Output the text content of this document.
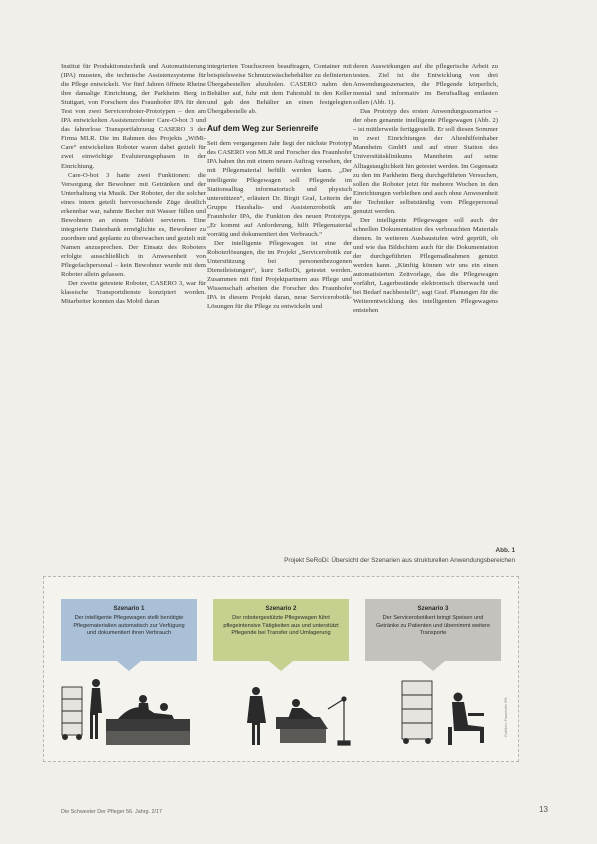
Institut für Produktionstechnik und Automatisierung (IPA) mussten, die technische Assistenzsysteme für die Pflege entwickelt. Vor fünf Jahren öffnete Rheine ihre damalige Einrichtung, der Parkheim Berg in Stuttgart, von Forschern des Fraunhofer IPA für den Test von zwei Serviceroboter-Prototypen – den am IPA entwickelten Assistenzroboter Care-O-bot 3 und das fahrerlose Transportfahrzeug CASERO 3 der Firma MLR. Die im Rahmen des Projekts „WiMi-Care“ entwickelten Roboter waren dabei gezielt für zwei einwöchige Evaluierungsphasen in der Einrichtung.

Care-O-bot 3 hatte zwei Funktionen: die Versorgung der Bewohner mit Getränken und der Unterhaltung via Musik. Der Roboter, der die solcher eines intern geteilt hervorsuchende Züge deutlich erkennbar war, nahmte Becher mit Wasser füllen und Bewohnern an einem Tablett servieren. Eine integrierte Datenbank ermöglichte es, Bewohner zu zuordnen und geplante zu überwachen und gezielt mit Namen anzusprechen. Der Einsatz des Roboters erfolgte ausschließlich in Anwesenheit von Pflegefachpersonal – kein Bewohner wurde mit dem Roboter allein gelassen.

Der zweite getestete Roboter, CASERO 3, war für klassische Transportdienste konzipiert worden. Mitarbeiter konnten das Mobil daran

integrierten Touchscreen beauftragen, Container mit beispielsweise Schmutzwäschebehälter zu definierten Übergabestellen abzuholen. CASERO nahm den Behälter auf, fuhr mit dem Fahrstuhl in den Keller und gab den Behälter an einen festgelegten Übergabestelle ab.

Auf dem Weg zur Serienreife

Seit dem vergangenen Jahr liegt der nächste Prototyp des CASERO von MLR und Forscher des Fraunhofer IPA haben ihn mit einem neuen Auftrag versehen, der mit Pflegematerial befüllt werden kann. „Der intelligente Pflegewagen soll Pflegende im Stationsalltag informatorisch und physisch unterstützen“, erläutert Dr. Birgit Graf, Leiterin der Gruppe Haushalts- und Assistenzrobotik am Fraunhofer IPA, die Funktion des neuen Prototyps. „Er kommt auf Anforderung, hilft Pflegematerial vorrätig und dokumentiert den Verbrauch.“

Der intelligente Pflegewagen ist eine der Roboterlösungen, die im Projekt „Servicerobotik zur Unterstützung bei personenbezogenen Dienstleistungen“, kurz SeRoDi, getestet werden. Zusammen mit fünf Projektpartnern aus Pflege und Wissenschaft arbeiten die Forscher des Fraunhofer IPA in diesem Projekt daran, neue Servicerobotik-Lösungen für die Pflege zu entwickeln und

deren Auswirkungen auf die pflegerische Arbeit zu testen. Ziel ist die Entwicklung von drei Anwendungsszenarien, die Pflegende körperlich, mental und informativ im Berufsalltag entlasten sollen (Abb. 1).

Das Prototyp des ersten Anwendungsszenarios – der oben genannte intelligente Pflegewagen (Abb. 2) – ist mittlerweile fertiggestellt. Er soll diesen Sommer in zwei Einrichtungen der Altenhilfeinhaber Mannheim GmbH und auf einer Station des Universitätsklinikums Mannheim auf seine Alltagstauglichkeit hin getestet werden. Im Gegensatz zu den im Parkheim Berg durchgeführten Versuchen, sollen die Roboter jetzt für mehrere Wochen in den Einrichtungen verbleiben und auch ohne Anwesenheit der Techniker selbstständig vom Pflegepersonal genutzt werden.

Der intelligente Pflegewagen soll auch der schnellen Dokumentation des verbrauchten Materials dienen. In weiteren Ausbaustufen wird geprüft, ob und wie das Bildschirm auch für die Dokumentation der durchgeführten Pflegemaßnahmen genutzt werden kann. „Künftig können wir uns ein einen automatisierten Zeitvorlage, das die Pflegewagen vorfährt, Lagerbestände elektronisch überwacht und bei Bedarf nachbestellt“, sagt Graf. Planungen für die Weiterentwicklung des intelligenten Pflegewagens entstehen

Abb. 1
Projekt SeRoDi: Übersicht der Szenarien aus strukturellen Anwendungsbereichen
Szenario 1
Der intelligente Pflegewagen stellt benötigte Pflegematerialien automatisch zur Verfügung und dokumentiert ihren Verbrauch
Szenario 2
Der robotergestützte Pflegewagen führt pflegeintensive Tätigkeiten aus und unterstützt Pflegende bei Transfer und Umlagerung
Szenario 3
Der Servicerobotikert bringt Speisen und Getränke zu Patienten und übernimmt weitere Transporte
Grafiken: Fraunhofer IPA
Die Schwester Der Pfleger 56. Jahrg. 2/17	13
